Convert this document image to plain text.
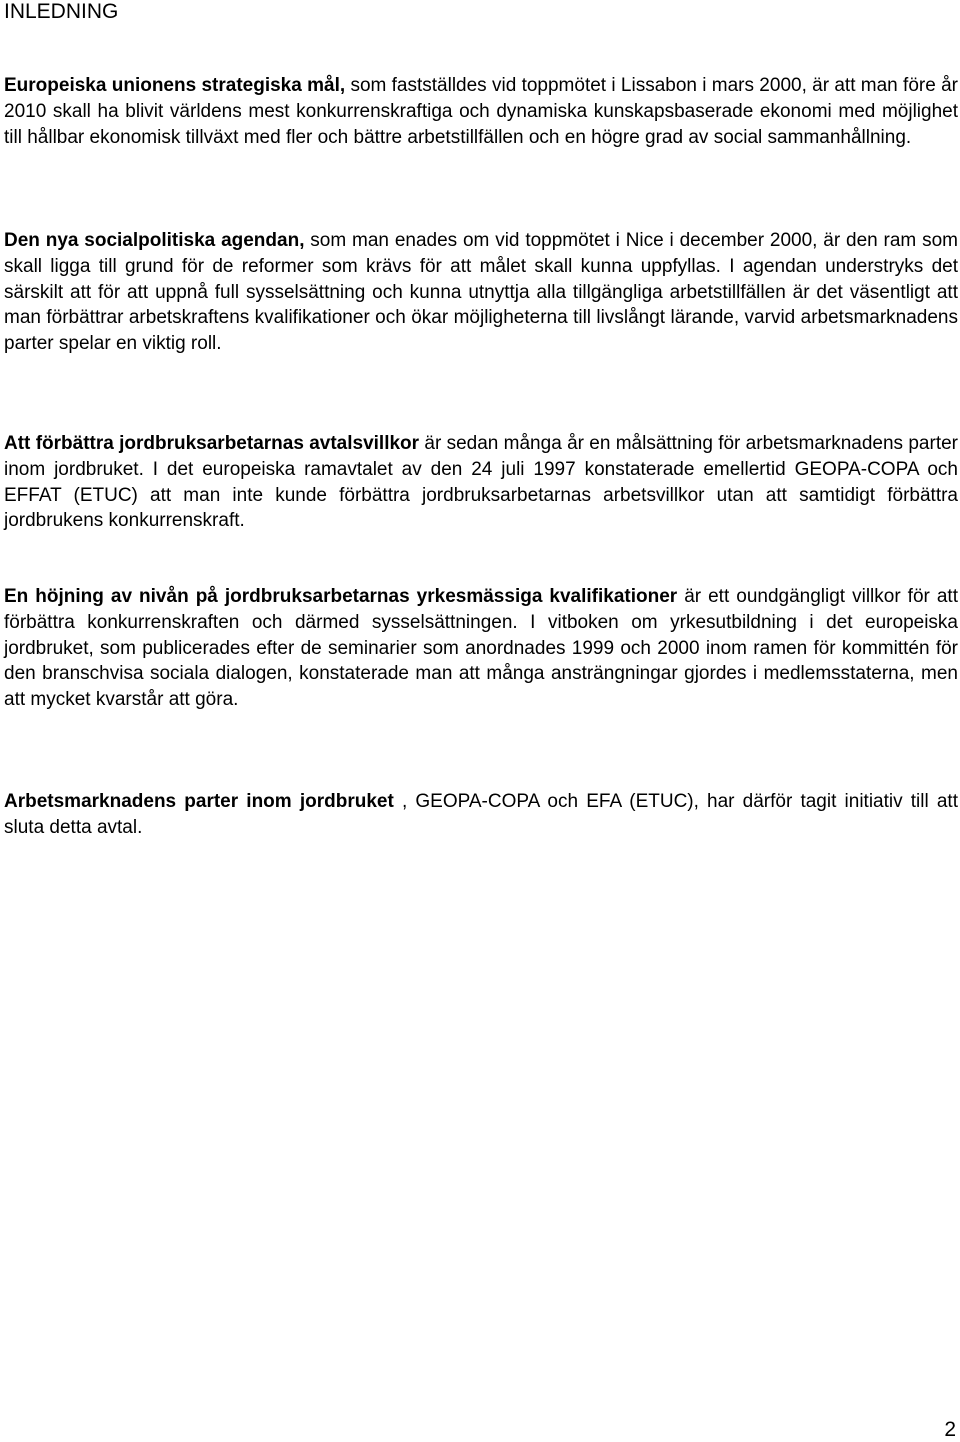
INLEDNING

Europeiska unionens strategiska mål, som fastställdes vid toppmötet i Lissabon i mars 2000, är att man före år 2010 skall ha blivit världens mest konkurrenskraftiga och dynamiska kunskapsbaserade ekonomi med möjlighet till hållbar ekonomisk tillväxt med fler och bättre arbetstillfällen och en högre grad av social sammanhållning.

Den nya socialpolitiska agendan, som man enades om vid toppmötet i Nice i december 2000, är den ram som skall ligga till grund för de reformer som krävs för att målet skall kunna uppfyllas. I agendan understryks det särskilt att för att uppnå full sysselsättning och kunna utnyttja alla tillgängliga arbetstillfällen är det väsentligt att man förbättrar arbetskraftens kvalifikationer och ökar möjligheterna till livslångt lärande, varvid arbetsmarknadens parter spelar en viktig roll.

Att förbättra jordbruksarbetarnas avtalsvillkor är sedan många år en målsättning för arbetsmarknadens parter inom jordbruket. I det europeiska ramavtalet av den 24 juli 1997 konstaterade emellertid GEOPA-COPA och EFFAT (ETUC) att man inte kunde förbättra jordbruksarbetarnas arbetsvillkor utan att samtidigt förbättra jordbrukens konkurrenskraft.

En höjning av nivån på jordbruksarbetarnas yrkesmässiga kvalifikationer är ett oundgängligt villkor för att förbättra konkurrenskraften och därmed sysselsättningen. I vitboken om yrkesutbildning i det europeiska jordbruket, som publicerades efter de seminarier som anordnades 1999 och 2000 inom ramen för kommittén för den branschvisa sociala dialogen, konstaterade man att många ansträngningar gjordes i medlemsstaterna, men att mycket kvarstår att göra.

Arbetsmarknadens parter inom jordbruket , GEOPA-COPA och EFA (ETUC), har därför tagit initiativ till att sluta detta avtal.

2
